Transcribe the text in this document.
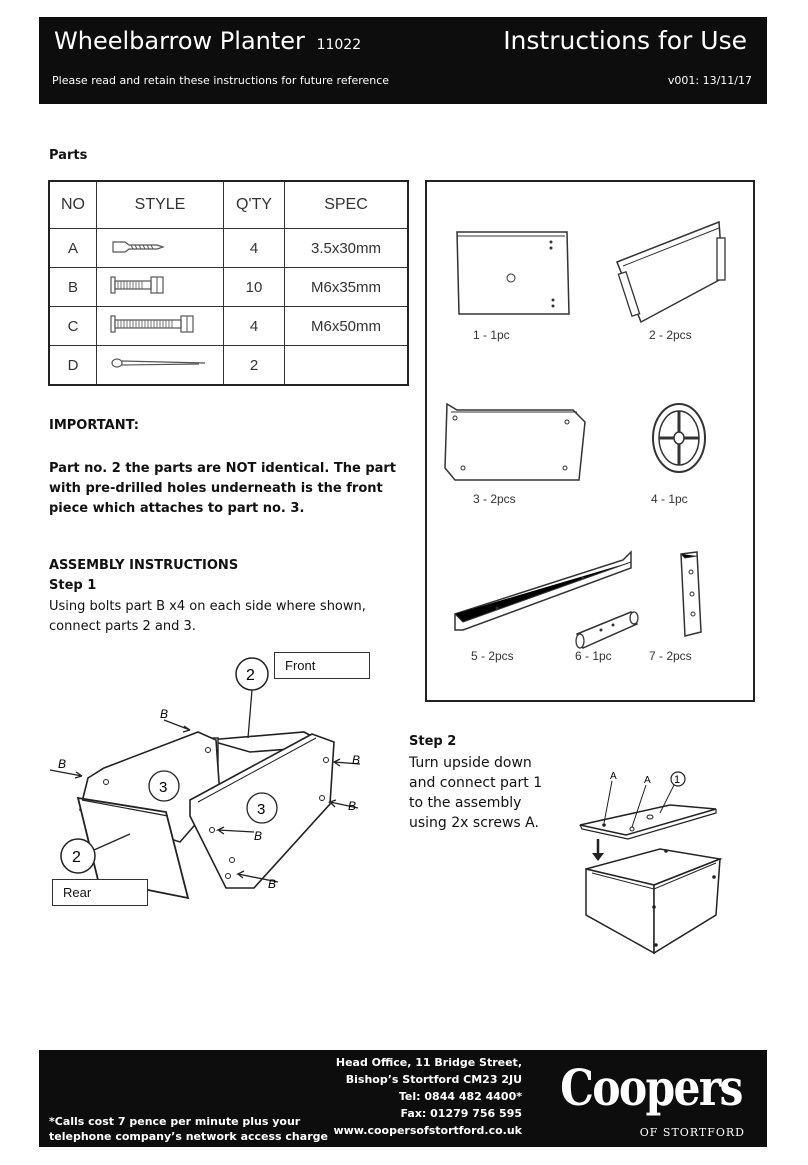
Wheelbarrow Planter 11022	Instructions for Use
Please read and retain these instructions for future reference	v001: 13/11/17
Parts
NO	STYLE	Q'TY	SPEC
A		4	3.5x30mm
B		10	M6x35mm
C		4	M6x50mm
D		2	
IMPORTANT:
Part no. 2 the parts are NOT identical. The part with pre-drilled holes underneath is the front piece which attaches to part no. 3.
ASSEMBLY INSTRUCTIONS
Step 1
Using bolts part B x4 on each side where shown, connect parts 2 and 3.
1 - 1pc	2 - 2pcs
3 - 2pcs	4 - 1pc
5 - 2pcs	6 - 1pc	7 - 2pcs
B
B	B
B
B
B
2
3
3
2
Front
Rear
Step 2
Turn upside down and connect part 1 to the assembly using 2x screws A.
1
A	A
Head Office, 11 Bridge Street,
Bishop’s Stortford CM23 2JU
Tel: 0844 482 4400*
Fax: 01279 756 595
www.coopersofstortford.co.uk
*Calls cost 7 pence per minute plus your telephone company’s network access charge
Coopers
OF STORTFORD
